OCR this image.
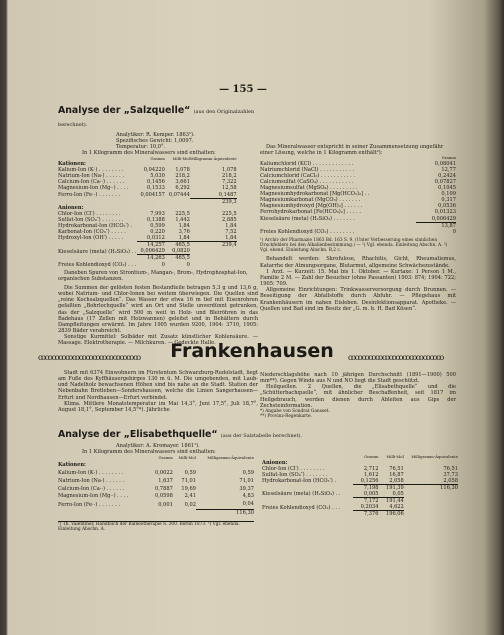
— 155 —
Analyse der „Salzquelle“ (aus den Originalzahlen berechnet).
Analytiker: R. Kemper. 1863¹).
Spezifisches Gewicht: 1,0097.
Temperatur: 10,0°.
In 1 Kilogramm des Mineralwassers sind enthalten:
	Gramm	Milli-Mol	Milligramm-Äquivalente
Kationen:			
Kalium-Ion (K·) . . . . . . . .	0,04220	1,078	1,078
Natrium-Ion (Na·) . . . . . .	5,030	218,2	218,2
Calcium-Ion (Ca··) . . . . . .	0,1456	3,661	7,322
Magnesium-Ion (Mg··) . . . .	0,1533	6,292	12,58
Ferro-Ion (Fe··) . . . . . . .	0,004157	0,07444	0,1487
			239,3
Anionen:			
Chlor-Ion (Cl′) . . . . . . . .	7,993	225,5	225,5
Sulfat-Ion (SO₄″) . . . . . . .	0,1388	1,442	2,885
Hydrokarbonat-Ion (HCO₃′) .	0,599	1,84	1,84
Karbonat-Ion (CO₃″) . . . . .	0,220	3,76	7,52
Hydroxyl-Ion (OH′) . . . . .	0,0312	1,84	1,84
	14,257	465,5	239,4
Kieselsäure (meta) (H₂SiO₃) . .	0,006429	0,0820	
	14,263	465,5	
Freies Kohlendioxyd (CO₂) . . .	0	0	
Daneben Spuren von Strontium-, Mangan-, Brom-, Hydrophosphat-Ion, organischen Substanzen.
Die Summen der gelösten festen Bestandteile betragen 5,3 g und 13,6 g, wobei Natrium- und Chlor-Ionen bei weitem überwiegen. Die Quellen sind „reine Kochsalzquellen“. Das Wasser der etwa 16 m tief mit Eisenrohren gefaßten „Bohrlochquelle“ wird an Ort und Stelle unverdünnt getrunken, das der „Salzquelle“ wird 500 m weit in Holz- und Bleiröhren in das Badehaus (17 Zellen mit Holzwannen) geleitet und in Behältern durch Dampfleitungen erwärmt. Im Jahre 1905 wurden 9200, 1904: 3710, 1905: 2839 Bäder verabreicht.
Sonstige Kurmittel: Solbäder mit Zusatz künstlicher Kohlensäure. — Massage. Elektrotherapie. — Milchkuren. — Gedeckte Halle.
Das Mineralwasser entspricht in seiner Zusammensetzung ungefähr einer Lösung, welche in 1 Kilogramm enthält²):
	Gramm
Kaliumchlorid (KCl) . . . . . . . . . . . . .	0,08041
Natriumchlorid (NaCl) . . . . . . . . . . .	12,77
Calciumchlorid (CaCl₂) . . . . . . . . . . .	0,2424
Calciumsulfat (CaSO₄) . . . . . . . . . . .	0,07827
Magnesiumsulfat (MgSO₄) . . . . . . . . .	0,1045
Magnesiumhydrokarbonat [Mg(HCO₃)₂] . .	0,109
Magnesiumkarbonat (MgCO₃) . . . . . . .	0,317
Magnesiumhydroxyd [Mg(OH)₂] . . . . . .	0,0536
Ferrohydrokarbonat [Fe(HCO₃)₂] . . . . .	0,01323
Kieselsäure (meta) (H₂SiO₃) . . . . . . .	0,006429
	13,87
Freies Kohlendioxyd (CO₂) . . . . . . . .	0
¹) Archiv der Pharmazie 1863 Bd. 163 S. 9. (Unter Verbesserung eines sinnlichen Druckfehlers bei den Alkalienbestimmung.) — ²) Vgl. ebenda. Einleitung Abschn. A. ²) Vgl. ebend. Einleitung Abschn. B,2 c.
Behandelt werden: Skrofulose, Rhachitis, Gicht, Rheumatismus, Katarrhe der Atmungsorgane, Blutarmut, allgemeine Schwächezustände.
1 Arzt. — Kurzeit: 15. Mai bis 1. Oktober. — Kurtaxe: 1 Person 1 M., Familie 2 M. — Zahl der Besucher (ohne Passanten) 1903: 874; 1904: 722; 1905: 709.
Allgemeine Einrichtungen: Trinkwasserversorgung durch Brunnen. — Beseitigung der Abfallstoffe durch Abfuhr. — Pflegehaus mit Krankenhäusern im nahen Eisleben. Desinfektionsapparat. Apotheke. — Quellen und Bad sind im Besitz der „G. m. b. H. Bad Kösen“.
ꝏꝏꝏꝏꝏꝏꝏꝏꝏꝏꝏꝏꝏꝏꝏ	Frankenhausen	ꝏꝏꝏꝏꝏꝏꝏꝏꝏꝏꝏꝏꝏꝏ
Stadt mit 6374 Einwohnern im Fürstentum Schwarzburg-Rudolstadt, liegt am Fuße des Kyffhäusergebirges 130 m ü. M. Die umgebenden, mit Laub- und Nadelholz bewachsenen Höhen sind bis nahe an die Stadt. Station der Nebenbahn Bretleben—Sondershausen, welche die Linien Sangerhausen—Erfurt und Nordhausen—Erfurt verbindet.
Klima. Mittlere Monatstemperatur im Mai 14,3°, Juni 17,5°, Juli 18,7°, August 18,1°, September 14,5°*). Jährliche
Niederschlagshöhe nach 10 jährigen Durchschnitt (1891—1900) 500 mm**). Gegen Winde aus N und NO liegt die Stadt geschützt.
Heilquellen. 2 Quellen, die „Elisabethquelle“ und die „Schütterbachquelle“, mit ähnlicher Beschaffenheit, seit 1817 im Heilgebrauch, werden dienen durch Ableiten aus Gips der Zechsteinformation.
*) Angabe von Sondrat Gansset.
**) Provinz-Regenkarte.
Analyse der „Elisabethquelle“ (aus der Salztabelle berechnet).
Analytiker: A. Kromayer. 1861¹).
In 1 Kilogramm des Mineralwassers sind enthalten:
	Gramm	Milli-Mol	Milligramm-Äquivalente
Kationen:			
Kalium-Ion (K·) . . . . . . . .	0,0022	0,59	0,59
Natrium-Ion (Na·) . . . . . .	1,637	71,01	71,01
Calcium-Ion (Ca··) . . . . . .	0,7887	19,69	39,37
Magnesium-Ion (Mg··) . . . .	0,0598	2,41	4,83
Ferro-Ion (Fe··) . . . . . . .	0,001	0,02	0,04
			116,30
	Gramm	Milli-Mol	Milligramm-Äquivalente
Anionen:			
Chlor-Ion (Cl′) . . . . . . . .	2,712	76,51	76,51
Sulfat-Ion (SO₄″) . . . . . . .	1,612	16,87	37,73
Hydrokarbonat-Ion (HCO₃′) .	0,1256	2,058	2,058
	7,198	191,39	116,30
Kieselsäure (meta) (H₂SiO₃) . .	0,005	0,05	
	7,172	191,44	
Freies Kohlendioxyd (CO₂) . . .	0,2034	4,622	
	7,376	196,06	
¹) Th. Valentiner, Handbuch der Balneotherapie S. 300. Berlin 1873. ²) Vgl. ebenda. Einleitung Abschn. A.
